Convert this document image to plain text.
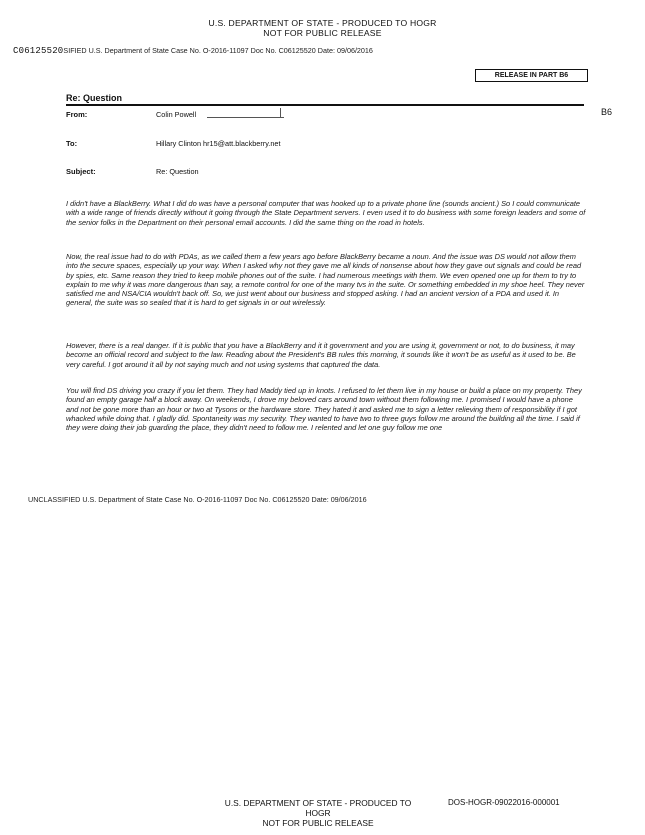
U.S. DEPARTMENT OF STATE - PRODUCED TO HOGR
NOT FOR PUBLIC RELEASE
C06125520SIFIED U.S. Department of State Case No. O-2016-11097 Doc No. C06125520 Date: 09/06/2016
RELEASE IN PART B6
Re: Question
From:	Colin Powell	B6
To:	Hillary Clinton hr15@att.blackberry.net
Subject:	Re: Question

I didn't have a BlackBerry. What I did do was have a personal computer that was hooked up to a private phone line (sounds ancient.) So I could communicate with a wide range of friends directly without it going through the State Department servers. I even used it to do business with some foreign leaders and some of the senior folks in the Department on their personal email accounts. I did the same thing on the road in hotels.

Now, the real issue had to do with PDAs, as we called them a few years ago before BlackBerry became a noun. And the issue was DS would not allow them into the secure spaces, especially up your way. When I asked why not they gave me all kinds of nonsense about how they gave out signals and could be read by spies, etc. Same reason they tried to keep mobile phones out of the suite. I had numerous meetings with them. We even opened one up for them to try to explain to me why it was more dangerous than say, a remote control for one of the many tvs in the suite. Or something embedded in my shoe heel. They never satisfied me and NSA/CIA wouldn't back off. So, we just went about our business and stopped asking. I had an ancient version of a PDA and used it. In general, the suite was so sealed that it is hard to get signals in or out wirelessly.

However, there is a real danger. If it is public that you have a BlackBerry and it it government and you are using it, government or not, to do business, it may become an official record and subject to the law. Reading about the President's BB rules this morning, it sounds like it won't be as useful as it used to be. Be very careful. I got around it all by not saying much and not using systems that captured the data.

You will find DS driving you crazy if you let them. They had Maddy tied up in knots. I refused to let them live in my house or build a place on my property. They found an empty garage half a block away. On weekends, I drove my beloved cars around town without them following me. I promised I would have a phone and not be gone more than an hour or two at Tysons or the hardware store. They hated it and asked me to sign a letter relieving them of responsibility if I got whacked while doing that. I gladly did. Spontaneity was my security. They wanted to have two to three guys follow me around the building all the time. I said if they were doing their job guarding the place, they didn't need to follow me. I relented and let one guy follow me one

UNCLASSIFIED U.S. Department of State Case No. O-2016-11097 Doc No. C06125520 Date: 09/06/2016
U.S. DEPARTMENT OF STATE - PRODUCED TO HOGR
NOT FOR PUBLIC RELEASE
DOS-HOGR-09022016-000001
